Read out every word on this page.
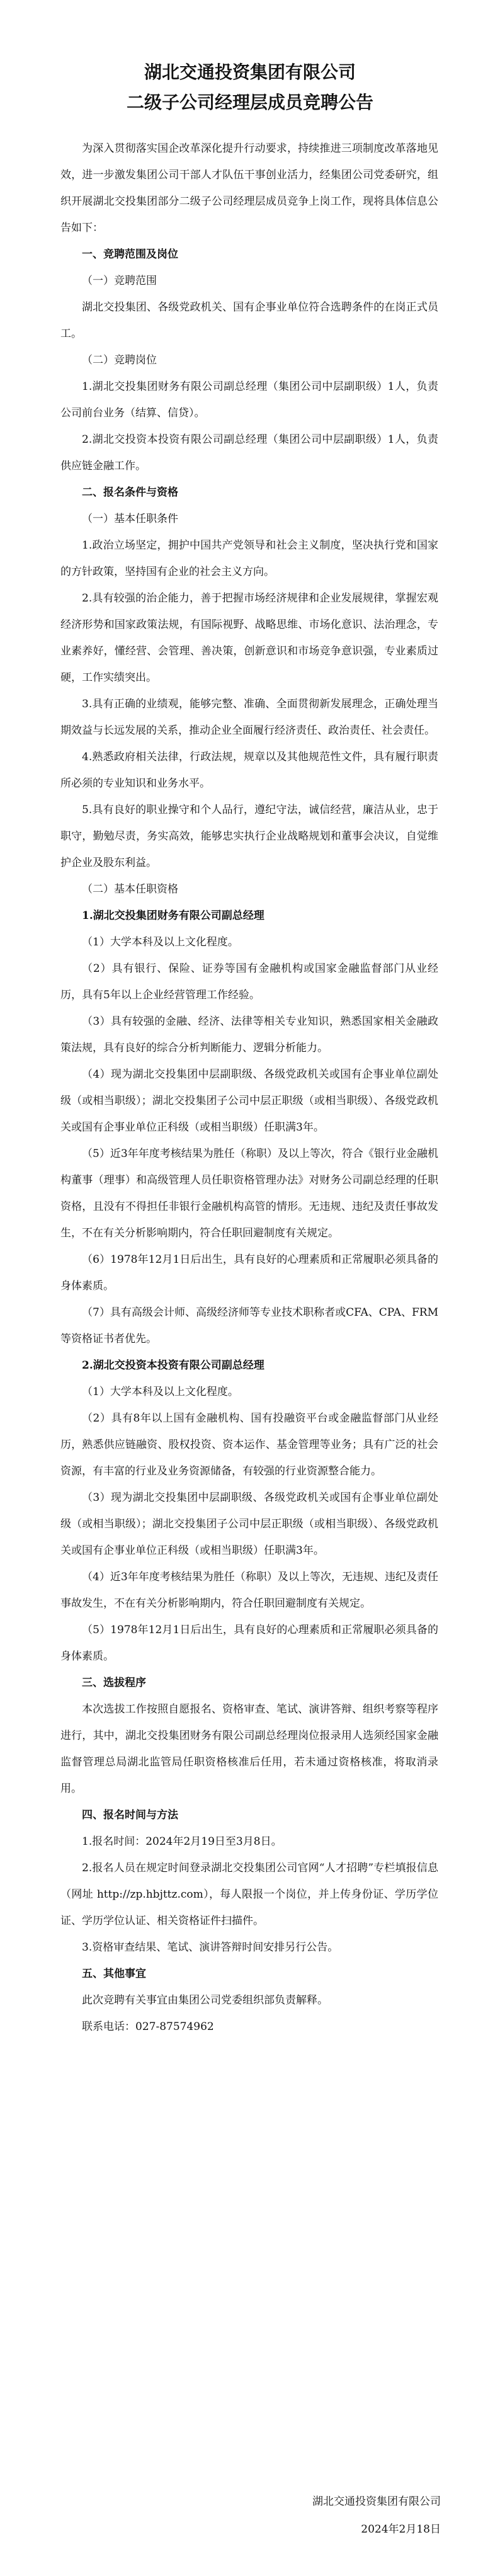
湖北交通投资集团有限公司
二级子公司经理层成员竞聘公告

为深入贯彻落实国企改革深化提升行动要求，持续推进三项制度改革落地见效，进一步激发集团公司干部人才队伍干事创业活力，经集团公司党委研究，组织开展湖北交投集团部分二级子公司经理层成员竞争上岗工作，现将具体信息公告如下：

一、竞聘范围及岗位

（一）竞聘范围

湖北交投集团、各级党政机关、国有企事业单位符合选聘条件的在岗正式员工。

（二）竞聘岗位

1.湖北交投集团财务有限公司副总经理（集团公司中层副职级）1人，负责公司前台业务（结算、信贷）。

2.湖北交投资本投资有限公司副总经理（集团公司中层副职级）1人，负责供应链金融工作。

二、报名条件与资格

（一）基本任职条件

1.政治立场坚定，拥护中国共产党领导和社会主义制度，坚决执行党和国家的方针政策，坚持国有企业的社会主义方向。

2.具有较强的治企能力，善于把握市场经济规律和企业发展规律，掌握宏观经济形势和国家政策法规，有国际视野、战略思维、市场化意识、法治理念，专业素养好，懂经营、会管理、善决策，创新意识和市场竞争意识强，专业素质过硬，工作实绩突出。

3.具有正确的业绩观，能够完整、准确、全面贯彻新发展理念，正确处理当期效益与长远发展的关系，推动企业全面履行经济责任、政治责任、社会责任。

4.熟悉政府相关法律，行政法规，规章以及其他规范性文件，具有履行职责所必须的专业知识和业务水平。

5.具有良好的职业操守和个人品行，遵纪守法，诚信经营，廉洁从业，忠于职守，勤勉尽责，务实高效，能够忠实执行企业战略规划和董事会决议，自觉维护企业及股东利益。

（二）基本任职资格

1.湖北交投集团财务有限公司副总经理

（1）大学本科及以上文化程度。

（2）具有银行、保险、证券等国有金融机构或国家金融监督部门从业经历，具有5年以上企业经营管理工作经验。

（3）具有较强的金融、经济、法律等相关专业知识，熟悉国家相关金融政策法规，具有良好的综合分析判断能力、逻辑分析能力。

（4）现为湖北交投集团中层副职级、各级党政机关或国有企事业单位副处级（或相当职级）；湖北交投集团子公司中层正职级（或相当职级）、各级党政机关或国有企事业单位正科级（或相当职级）任职满3年。

（5）近3年年度考核结果为胜任（称职）及以上等次，符合《银行业金融机构董事（理事）和高级管理人员任职资格管理办法》对财务公司副总经理的任职资格，且没有不得担任非银行金融机构高管的情形。无违规、违纪及责任事故发生，不在有关分析影响期内，符合任职回避制度有关规定。

（6）1978年12月1日后出生，具有良好的心理素质和正常履职必须具备的身体素质。

（7）具有高级会计师、高级经济师等专业技术职称者或CFA、CPA、FRM等资格证书者优先。

2.湖北交投资本投资有限公司副总经理

（1）大学本科及以上文化程度。

（2）具有8年以上国有金融机构、国有投融资平台或金融监督部门从业经历，熟悉供应链融资、股权投资、资本运作、基金管理等业务；具有广泛的社会资源，有丰富的行业及业务资源储备，有较强的行业资源整合能力。

（3）现为湖北交投集团中层副职级、各级党政机关或国有企事业单位副处级（或相当职级）；湖北交投集团子公司中层正职级（或相当职级）、各级党政机关或国有企事业单位正科级（或相当职级）任职满3年。

（4）近3年年度考核结果为胜任（称职）及以上等次，无违规、违纪及责任事故发生，不在有关分析影响期内，符合任职回避制度有关规定。

（5）1978年12月1日后出生，具有良好的心理素质和正常履职必须具备的身体素质。

三、选拔程序

本次选拔工作按照自愿报名、资格审查、笔试、演讲答辩、组织考察等程序进行，其中，湖北交投集团财务有限公司副总经理岗位报录用人选须经国家金融监督管理总局湖北监管局任职资格核准后任用，若未通过资格核准，将取消录用。

四、报名时间与方法

1.报名时间：2024年2月19日至3月8日。

2.报名人员在规定时间登录湖北交投集团公司官网“人才招聘”专栏填报信息（网址 http://zp.hbjttz.com），每人限报一个岗位，并上传身份证、学历学位证、学历学位认证、相关资格证件扫描件。

3.资格审查结果、笔试、演讲答辩时间安排另行公告。

五、其他事宜

此次竞聘有关事宜由集团公司党委组织部负责解释。

联系电话：027-87574962

湖北交通投资集团有限公司
2024年2月18日
